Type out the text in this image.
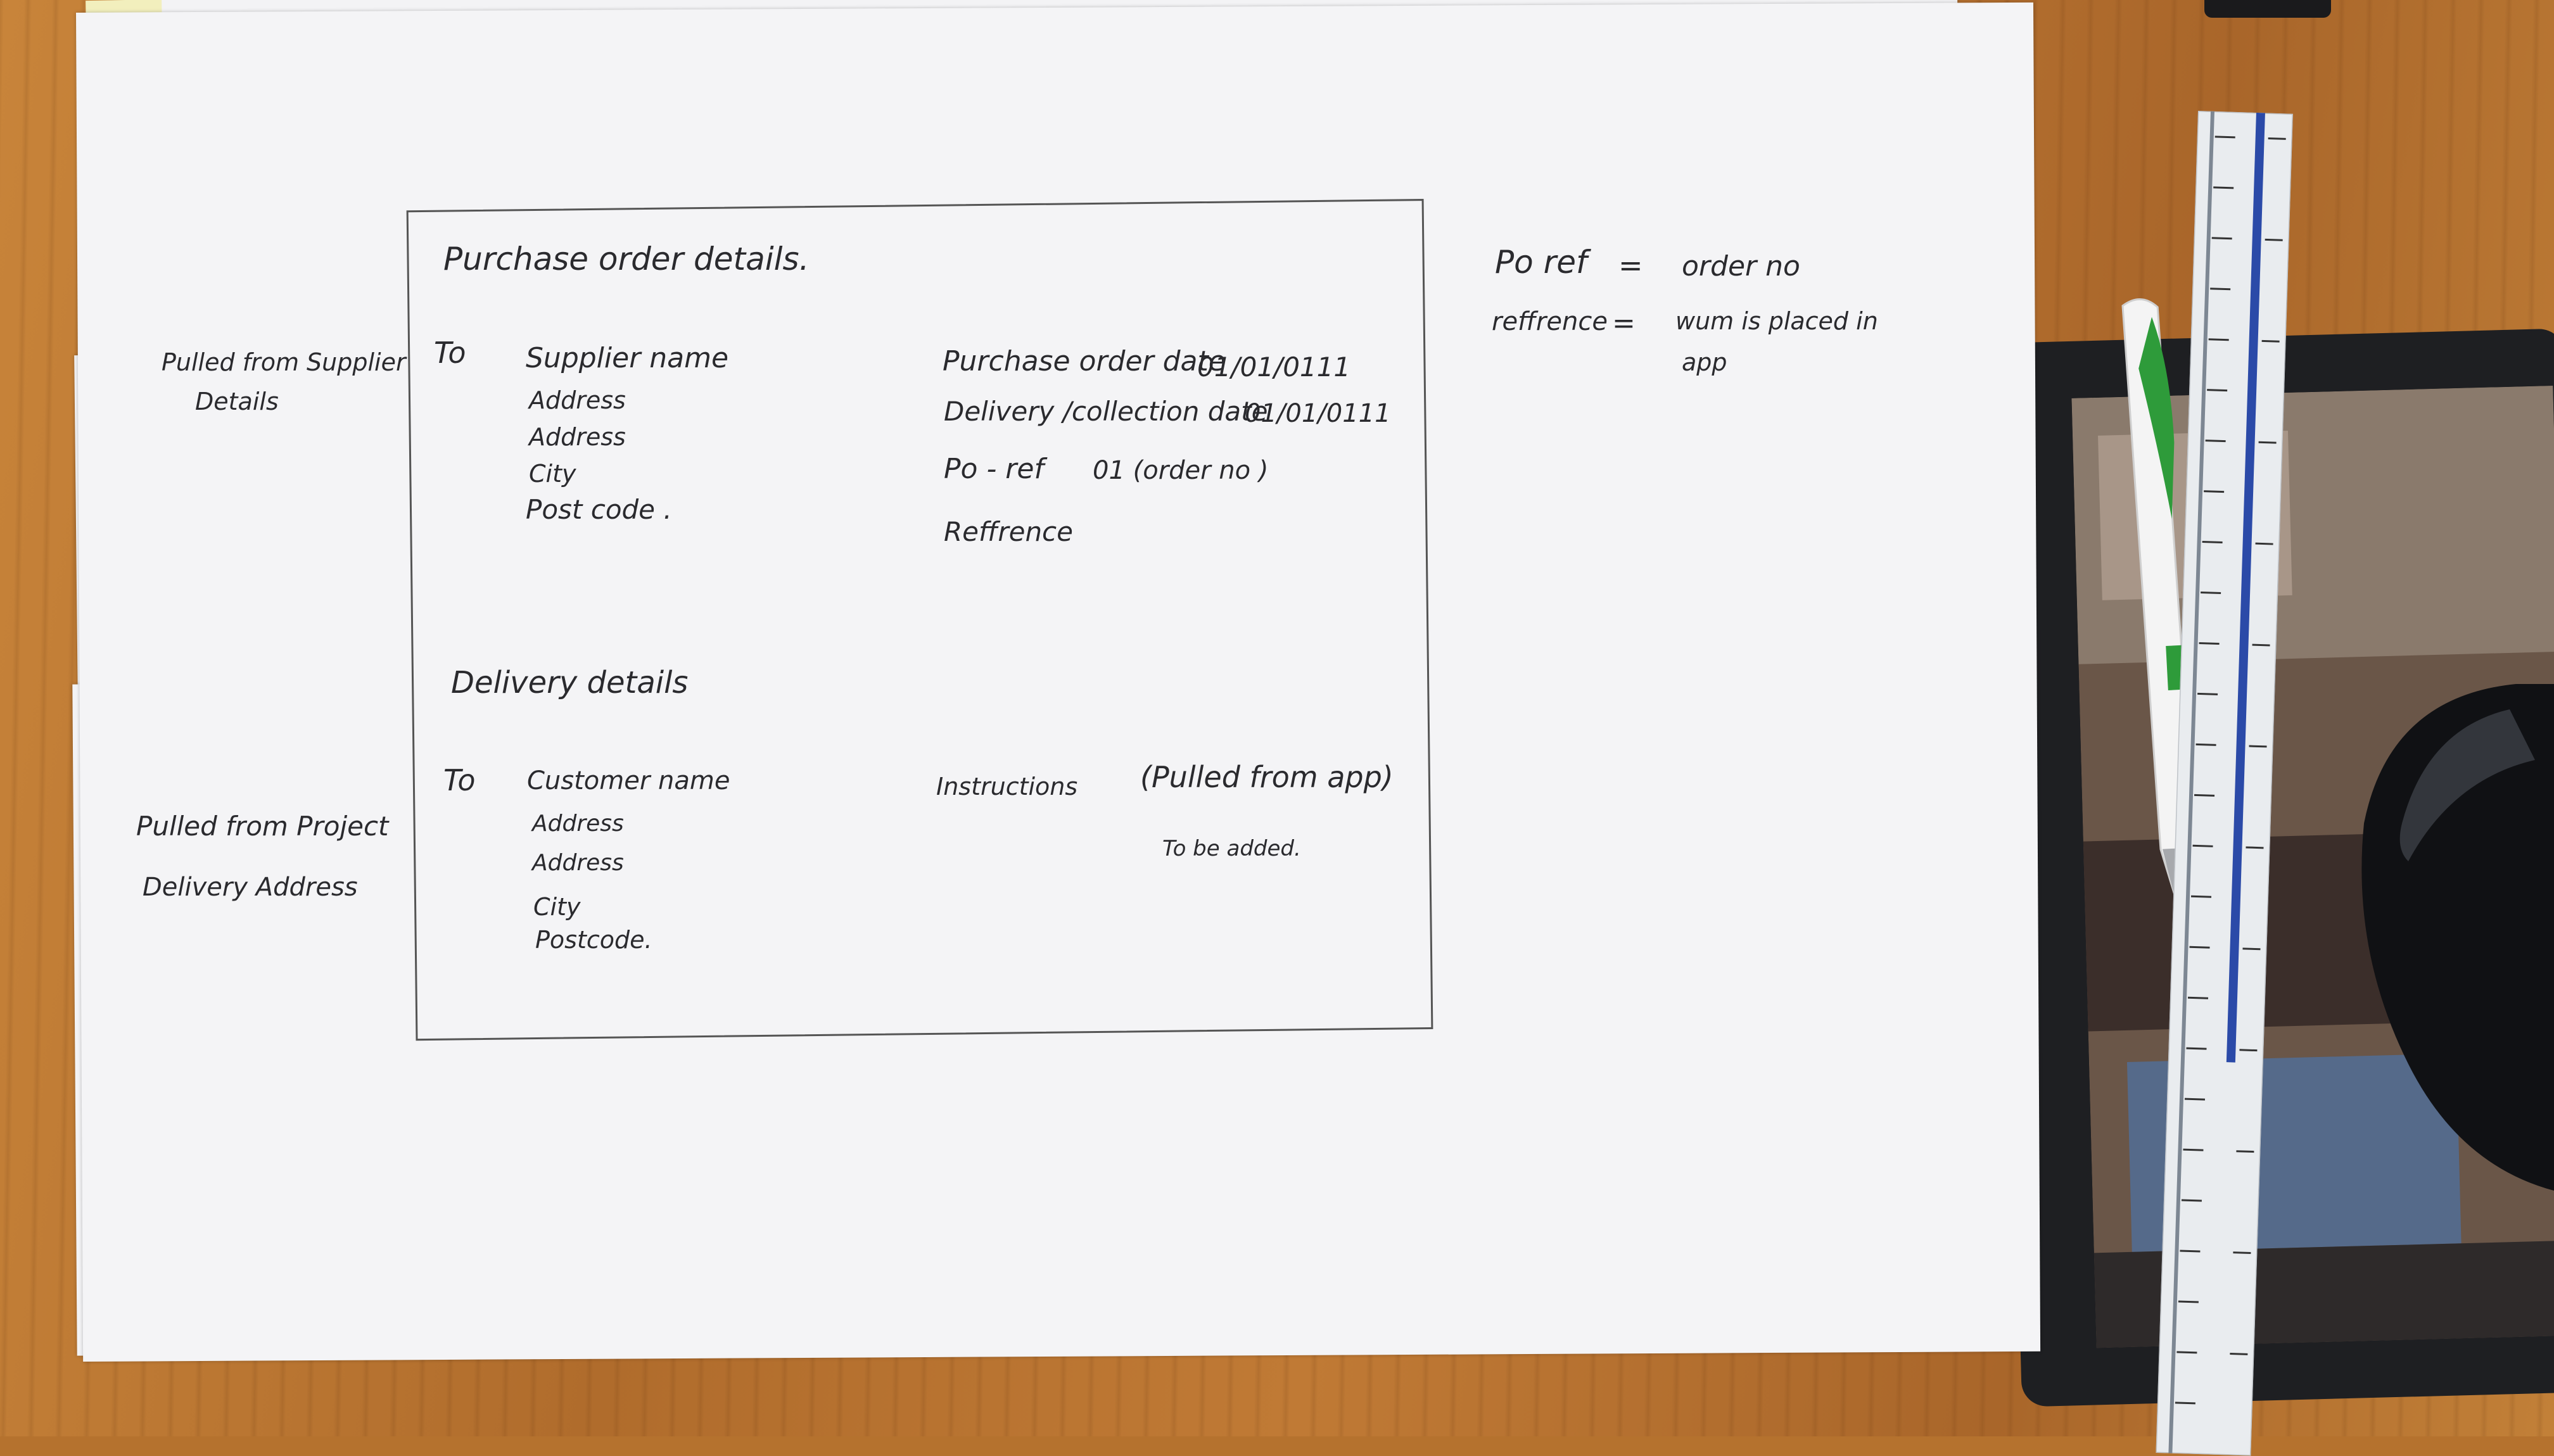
Purchase order details.
To Supplier name
Address
Address
City
Post code .
Purchase order date
01/01/0111
Delivery /collection date
01/01/0111
Po - ref 01 (order no )
Reffrence
Delivery details
To Customer name
Address
Address
City
Postcode.
Instructions (Pulled from app)
To be added.
Pulled from Supplier
Details
Pulled from Project
Delivery Address
Po ref = order no
reffrence = wum is placed in
app
